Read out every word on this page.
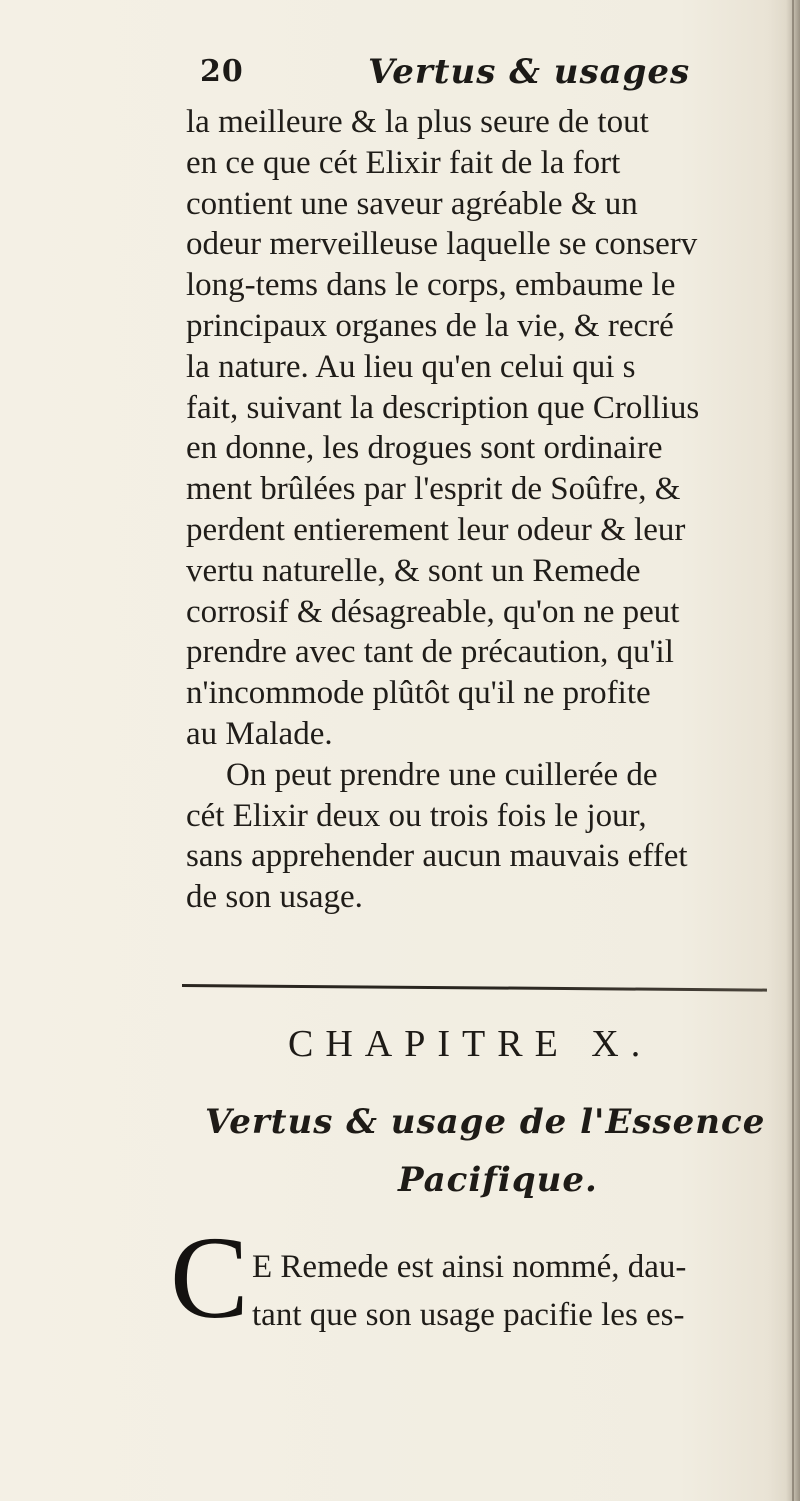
20	Vertus & usages
la meilleure & la plus seure de tout
en ce que cét Elixir fait de la fort
contient une saveur agréable & un
odeur merveilleuse laquelle se conserv
long-tems dans le corps, embaume le
principaux organes de la vie, & recré
la nature. Au lieu qu'en celui qui s
fait, suivant la description que Crollius
en donne, les drogues sont ordinaire
ment brûlées par l'esprit de Soûfre, &
perdent entierement leur odeur & leur
vertu naturelle, & sont un Remede
corrosif & désagreable, qu'on ne peut
prendre avec tant de précaution, qu'il
n'incommode plûtôt qu'il ne profite
au Malade.
On peut prendre une cuillerée de
cét Elixir deux ou trois fois le jour,
sans apprehender aucun mauvais effet
de son usage.
CHAPITRE X.
Vertus & usage de l'Essence
Pacifique.
C E Remede est ainsi nommé, dau-
tant que son usage pacifie les es-
